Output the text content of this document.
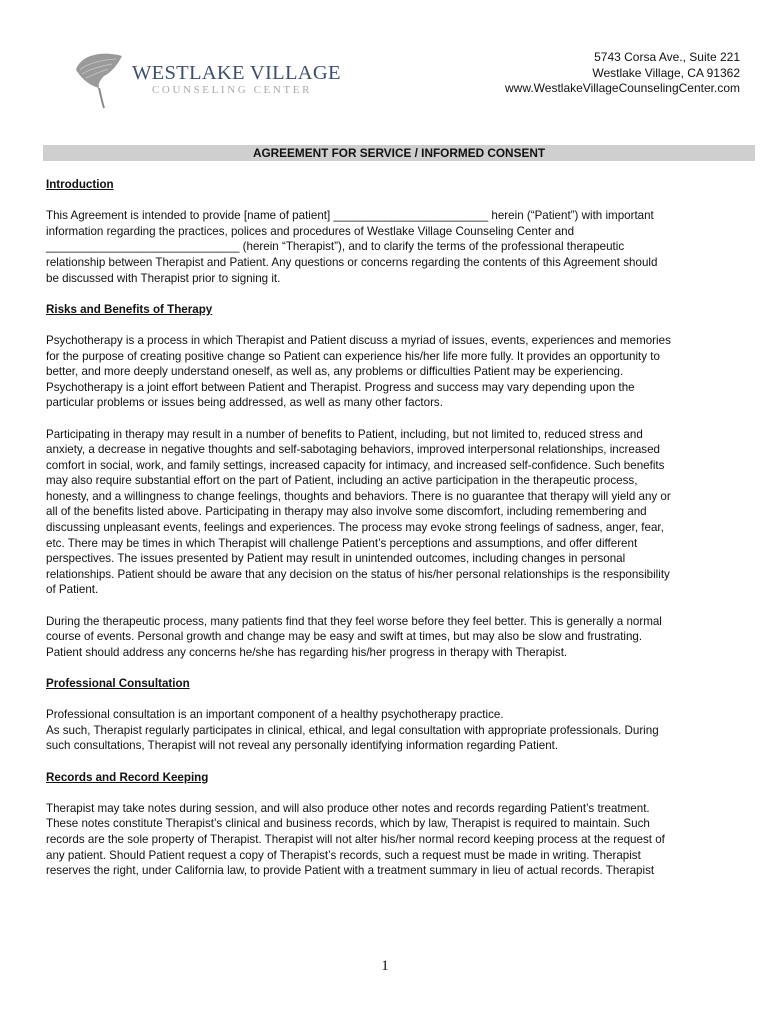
WESTLAKE VILLAGE
COUNSELING CENTER
5743 Corsa Ave., Suite 221
Westlake Village, CA 91362
www.WestlakeVillageCounselingCenter.com
AGREEMENT FOR SERVICE / INFORMED CONSENT
Introduction

This Agreement is intended to provide [name of patient] ________________________ herein (“Patient”) with important
information regarding the practices, polices and procedures of Westlake Village Counseling Center and
______________________________ (herein “Therapist”), and to clarify the terms of the professional therapeutic
relationship between Therapist and Patient. Any questions or concerns regarding the contents of this Agreement should
be discussed with Therapist prior to signing it.

Risks and Benefits of Therapy

Psychotherapy is a process in which Therapist and Patient discuss a myriad of issues, events, experiences and memories
for the purpose of creating positive change so Patient can experience his/her life more fully. It provides an opportunity to
better, and more deeply understand oneself, as well as, any problems or difficulties Patient may be experiencing.
Psychotherapy is a joint effort between Patient and Therapist. Progress and success may vary depending upon the
particular problems or issues being addressed, as well as many other factors.

Participating in therapy may result in a number of benefits to Patient, including, but not limited to, reduced stress and
anxiety, a decrease in negative thoughts and self-sabotaging behaviors, improved interpersonal relationships, increased
comfort in social, work, and family settings, increased capacity for intimacy, and increased self-confidence. Such benefits
may also require substantial effort on the part of Patient, including an active participation in the therapeutic process,
honesty, and a willingness to change feelings, thoughts and behaviors. There is no guarantee that therapy will yield any or
all of the benefits listed above. Participating in therapy may also involve some discomfort, including remembering and
discussing unpleasant events, feelings and experiences. The process may evoke strong feelings of sadness, anger, fear,
etc. There may be times in which Therapist will challenge Patient’s perceptions and assumptions, and offer different
perspectives. The issues presented by Patient may result in unintended outcomes, including changes in personal
relationships. Patient should be aware that any decision on the status of his/her personal relationships is the responsibility
of Patient.

During the therapeutic process, many patients find that they feel worse before they feel better. This is generally a normal
course of events. Personal growth and change may be easy and swift at times, but may also be slow and frustrating.
Patient should address any concerns he/she has regarding his/her progress in therapy with Therapist.

Professional Consultation

Professional consultation is an important component of a healthy psychotherapy practice.
As such, Therapist regularly participates in clinical, ethical, and legal consultation with appropriate professionals. During
such consultations, Therapist will not reveal any personally identifying information regarding Patient.

Records and Record Keeping

Therapist may take notes during session, and will also produce other notes and records regarding Patient’s treatment.
These notes constitute Therapist’s clinical and business records, which by law, Therapist is required to maintain. Such
records are the sole property of Therapist. Therapist will not alter his/her normal record keeping process at the request of
any patient. Should Patient request a copy of Therapist’s records, such a request must be made in writing. Therapist
reserves the right, under California law, to provide Patient with a treatment summary in lieu of actual records. Therapist

1
